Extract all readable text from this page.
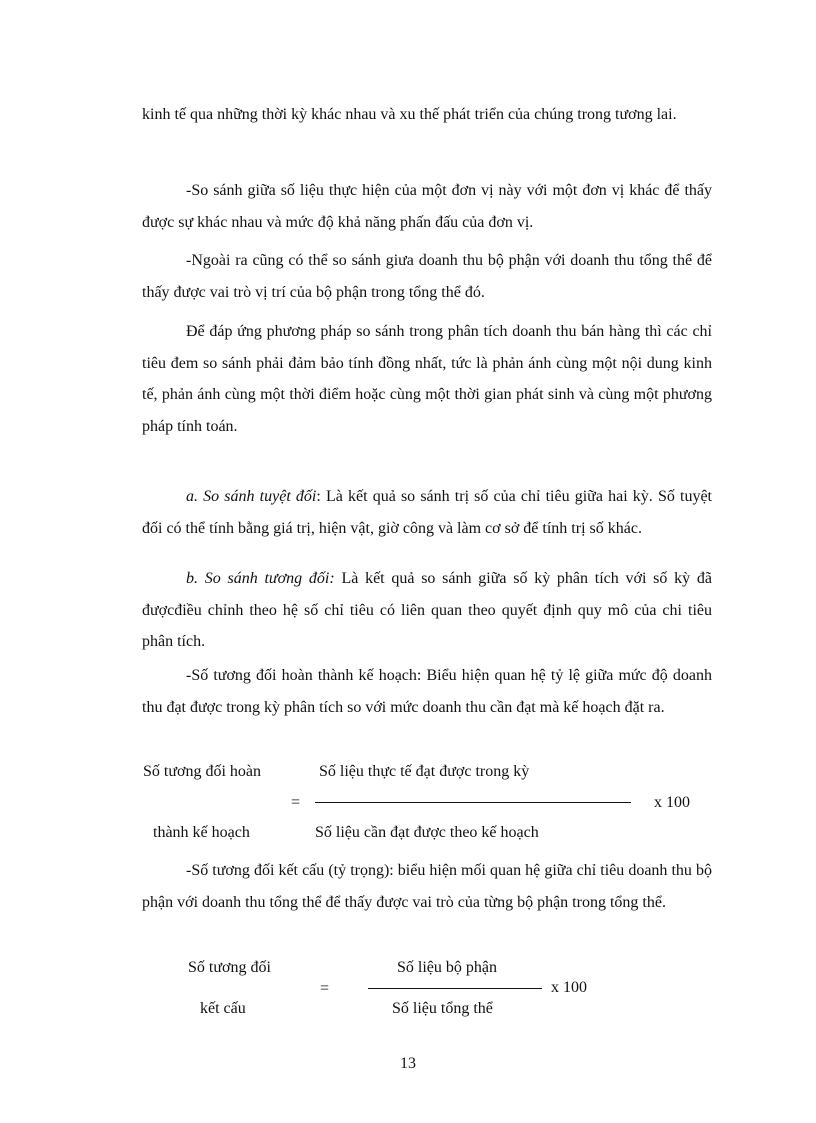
kinh tế qua những thời kỳ khác nhau và xu thế phát triển của chúng trong tương lai.

-So sánh giữa số liệu thực hiện của một đơn vị này với một đơn vị khác để thấy được sự khác nhau và mức độ khả năng phấn đấu của đơn vị.

-Ngoài ra cũng có thể so sánh giưa doanh thu bộ phận với doanh thu tổng thể để thấy được vai trò vị trí của bộ phận trong tổng thể đó.

Để đáp ứng phương pháp so sánh trong phân tích doanh thu bán hàng thì các chỉ tiêu đem so sánh phải đảm bảo tính đồng nhất, tức là phản ánh cùng một nội dung kinh tế, phản ánh cùng một thời điểm hoặc cùng một thời gian phát sinh và cùng một phương pháp tính toán.

a. So sánh tuyệt đối: Là kết quả so sánh trị số của chỉ tiêu giữa hai kỳ. Số tuyệt đối có thể tính bằng giá trị, hiện vật, giờ công và làm cơ sở để tính trị số khác.

b. So sánh tương đối: Là kết quả so sánh giữa số kỳ phân tích với số kỳ đã đượcđiều chỉnh theo hệ số chỉ tiêu có liên quan theo quyết định quy mô của chi tiêu phân tích.

-Số tương đối hoàn thành kế hoạch: Biểu hiện quan hệ tỷ lệ giữa mức độ doanh thu đạt được trong kỳ phân tích so với mức doanh thu cần đạt mà kế hoạch đặt ra.

Số tương đối hoàn	Số liệu thực tế đạt được trong kỳ
=	x 100
thành kế hoạch	Số liệu cần đạt được theo kế hoạch

-Số tương đối kết cấu (tỷ trọng): biểu hiện mối quan hệ giữa chỉ tiêu doanh thu bộ phận với doanh thu tổng thể để thấy được vai trò của từng bộ phận trong tổng thể.

Số tương đối	Số liệu bộ phận
=	x 100
kết cấu	Số liệu tổng thể
13
